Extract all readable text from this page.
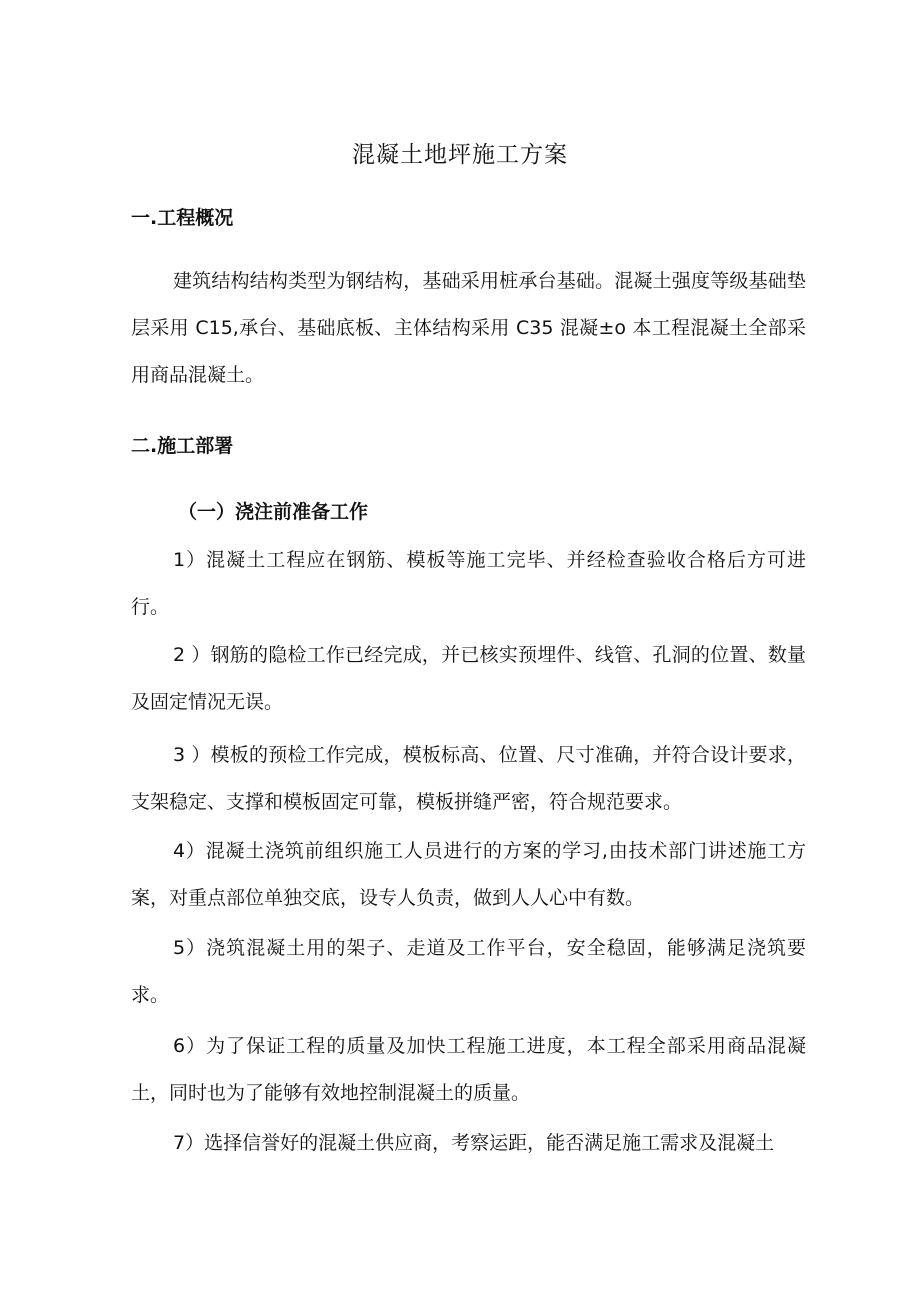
混凝土地坪施工方案
一.工程概况

建筑结构结构类型为钢结构，基础采用桩承台基础。混凝土强度等级基础垫层采用 C15,承台、基础底板、主体结构采用 C35 混凝±o 本工程混凝土全部采用商品混凝土。

二.施工部署
（一）浇注前准备工作

1）混凝土工程应在钢筋、模板等施工完毕、并经检查验收合格后方可进行。

2 ）钢筋的隐检工作已经完成，并已核实预埋件、线管、孔洞的位置、数量及固定情况无误。

3 ）模板的预检工作完成，模板标高、位置、尺寸准确，并符合设计要求，支架稳定、支撑和模板固定可靠，模板拼缝严密，符合规范要求。

4）混凝土浇筑前组织施工人员进行的方案的学习,由技术部门讲述施工方案，对重点部位单独交底，设专人负责，做到人人心中有数。

5）浇筑混凝土用的架子、走道及工作平台，安全稳固，能够满足浇筑要求。

6）为了保证工程的质量及加快工程施工进度，本工程全部采用商品混凝土，同时也为了能够有效地控制混凝土的质量。

7）选择信誉好的混凝土供应商，考察运距，能否满足施工需求及混凝土
